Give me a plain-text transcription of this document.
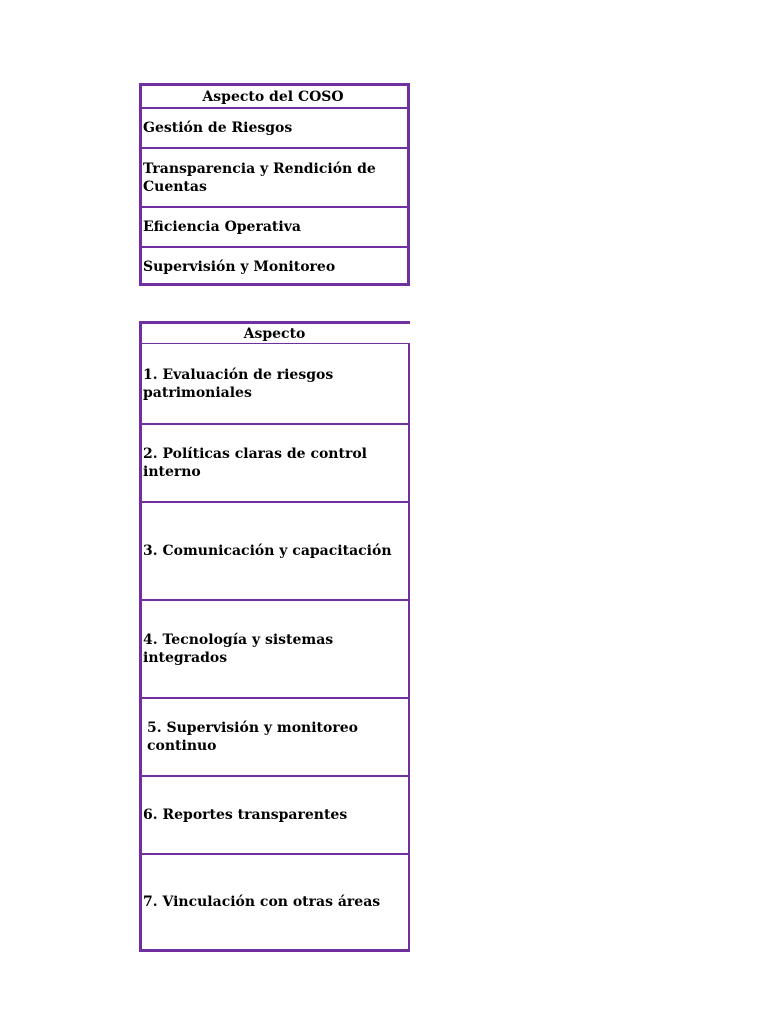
Aspecto del COSO
Gestión de Riesgos
Transparencia y Rendición de Cuentas
Eficiencia Operativa
Supervisión y Monitoreo
Aspecto
1. Evaluación de riesgos patrimoniales
2. Políticas claras de control interno
3. Comunicación y capacitación
4. Tecnología y sistemas integrados
5. Supervisión y monitoreo continuo
6. Reportes transparentes
7. Vinculación con otras áreas
